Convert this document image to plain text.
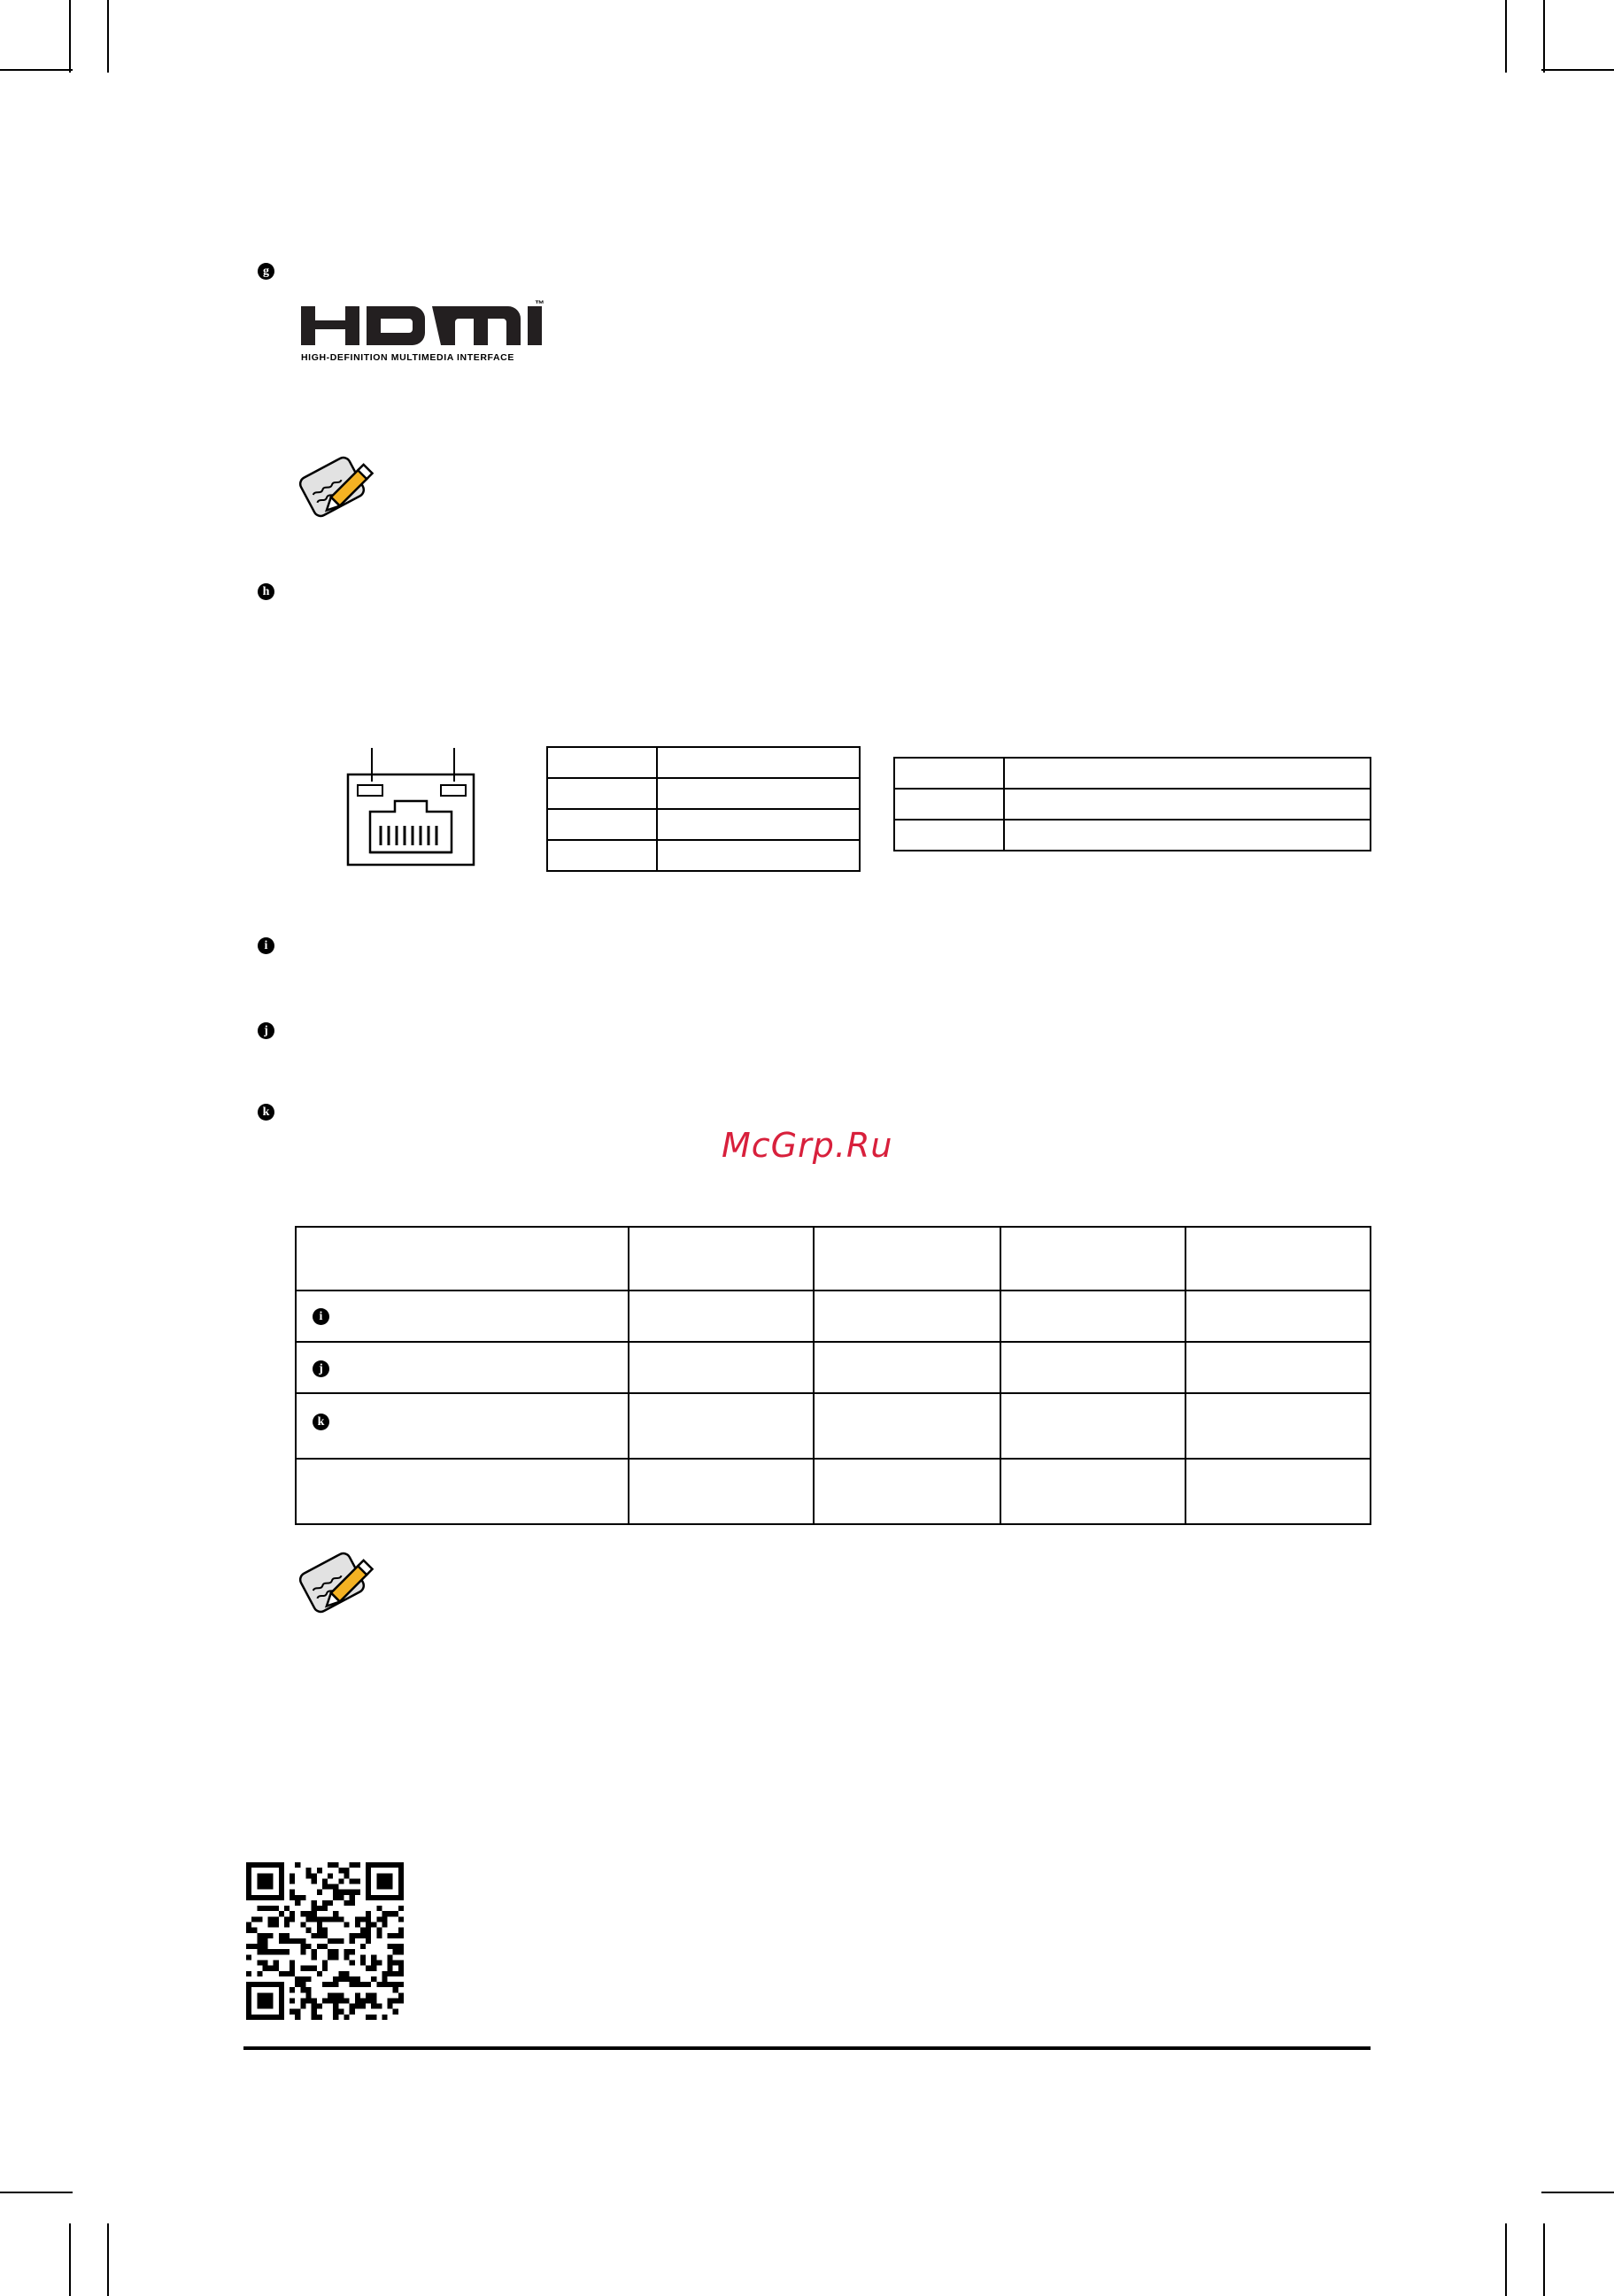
g
™
HIGH-DEFINITION MULTIMEDIA INTERFACE
h

i
j
k
McGrp.Ru

i				

j				

k				
